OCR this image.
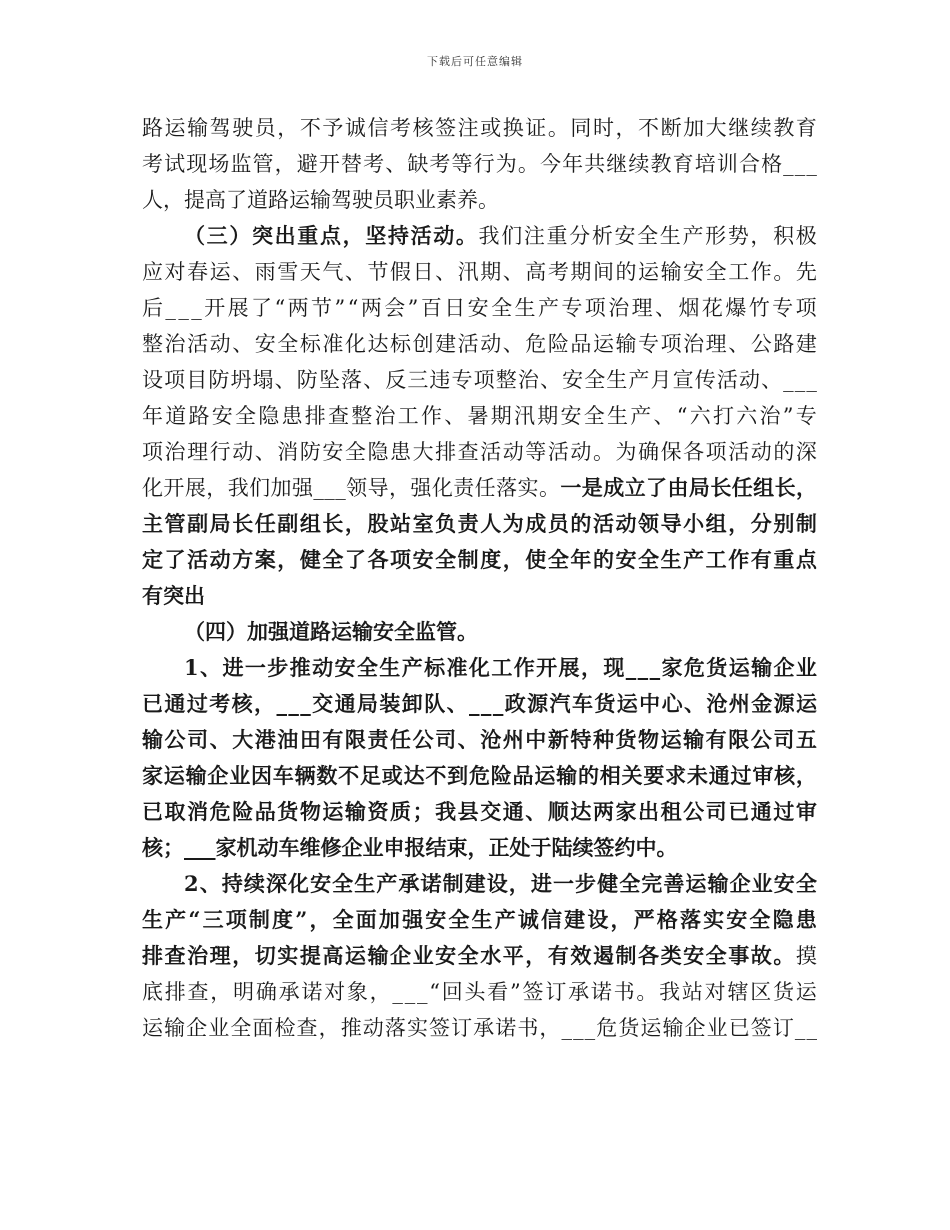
下载后可任意编辑
路 运 输 驾 驶 员 ， 不 予 诚 信 考 核 签 注 或 换 证 。 同 时 ， 不 断 加 大 继 续 教 育
考 试 现 场 监 管 ， 避 开 替 考 、 缺 考 等 行 为 。 今 年 共 继 续 教 育 培 训 合 格 _ _ _
人，提高了道路运输驾驶员职业素养。
（ 三 ） 突 出 重 点 ， 坚 持 活 动 。 我 们 注 重 分 析 安 全 生 产 形 势 ， 积 极
应 对 春 运 、 雨 雪 天 气 、 节 假 日 、 汛 期 、 高 考 期 间 的 运 输 安 全 工 作 。 先
后 _ _ _ 开 展 了 “ 两 节 ” “ 两 会 ” 百 日 安 全 生 产 专 项 治 理 、 烟 花 爆 竹 专 项
整 治 活 动 、 安 全 标 准 化 达 标 创 建 活 动 、 危 险 品 运 输 专 项 治 理 、 公 路 建
设 项 目 防 坍 塌 、 防 坠 落 、 反 三 违 专 项 整 治 、 安 全 生 产 月 宣 传 活 动 、 _ _ _
年 道 路 安 全 隐 患 排 查 整 治 工 作 、 暑 期 汛 期 安 全 生 产 、 “ 六 打 六 治 ” 专
项 治 理 行 动 、 消 防 安 全 隐 患 大 排 查 活 动 等 活 动 。 为 确 保 各 项 活 动 的 深
化 开 展 ， 我 们 加 强 _ _ _ 领 导 ， 强 化 责 任 落 实 。 一 是 成 立 了 由 局 长 任 组 长 ，
主 管 副 局 长 任 副 组 长 ， 股 站 室 负 责 人 为 成 员 的 活 动 领 导 小 组 ， 分 别 制
定 了 活 动 方 案 ， 健 全 了 各 项 安 全 制 度 ， 使 全 年 的 安 全 生 产 工 作 有 重 点
有突出
（四）加强道路运输安全监管。
1 、 进 一 步 推 动 安 全 生 产 标 准 化 工 作 开 展 ， 现 _ _ _ 家 危 货 运 输 企 业
已 通 过 考 核 ， _ _ _ 交 通 局 装 卸 队 、 _ _ _ 政 源 汽 车 货 运 中 心 、 沧 州 金 源 运
输 公 司 、 大 港 油 田 有 限 责 任 公 司 、 沧 州 中 新 特 种 货 物 运 输 有 限 公 司 五
家 运 输 企 业 因 车 辆 数 不 足 或 达 不 到 危 险 品 运 输 的 相 关 要 求 未 通 过 审 核 ，
已 取 消 危 险 品 货 物 运 输 资 质 ； 我 县 交 通 、 顺 达 两 家 出 租 公 司 已 通 过 审
核；___家机动车维修企业申报结束，正处于陆续签约中。
2 、 持 续 深 化 安 全 生 产 承 诺 制 建 设 ， 进 一 步 健 全 完 善 运 输 企 业 安 全
生 产 “ 三 项 制 度 ” ， 全 面 加 强 安 全 生 产 诚 信 建 设 ， 严 格 落 实 安 全 隐 患
排 查 治 理 ， 切 实 提 高 运 输 企 业 安 全 水 平 ， 有 效 遏 制 各 类 安 全 事 故 。 摸
底 排 查 ， 明 确 承 诺 对 象 ， _ _ _ “ 回 头 看 ” 签 订 承 诺 书 。 我 站 对 辖 区 货 运
运 输 企 业 全 面 检 查 ， 推 动 落 实 签 订 承 诺 书 ， _ _ _ 危 货 运 输 企 业 已 签 订 _ _
